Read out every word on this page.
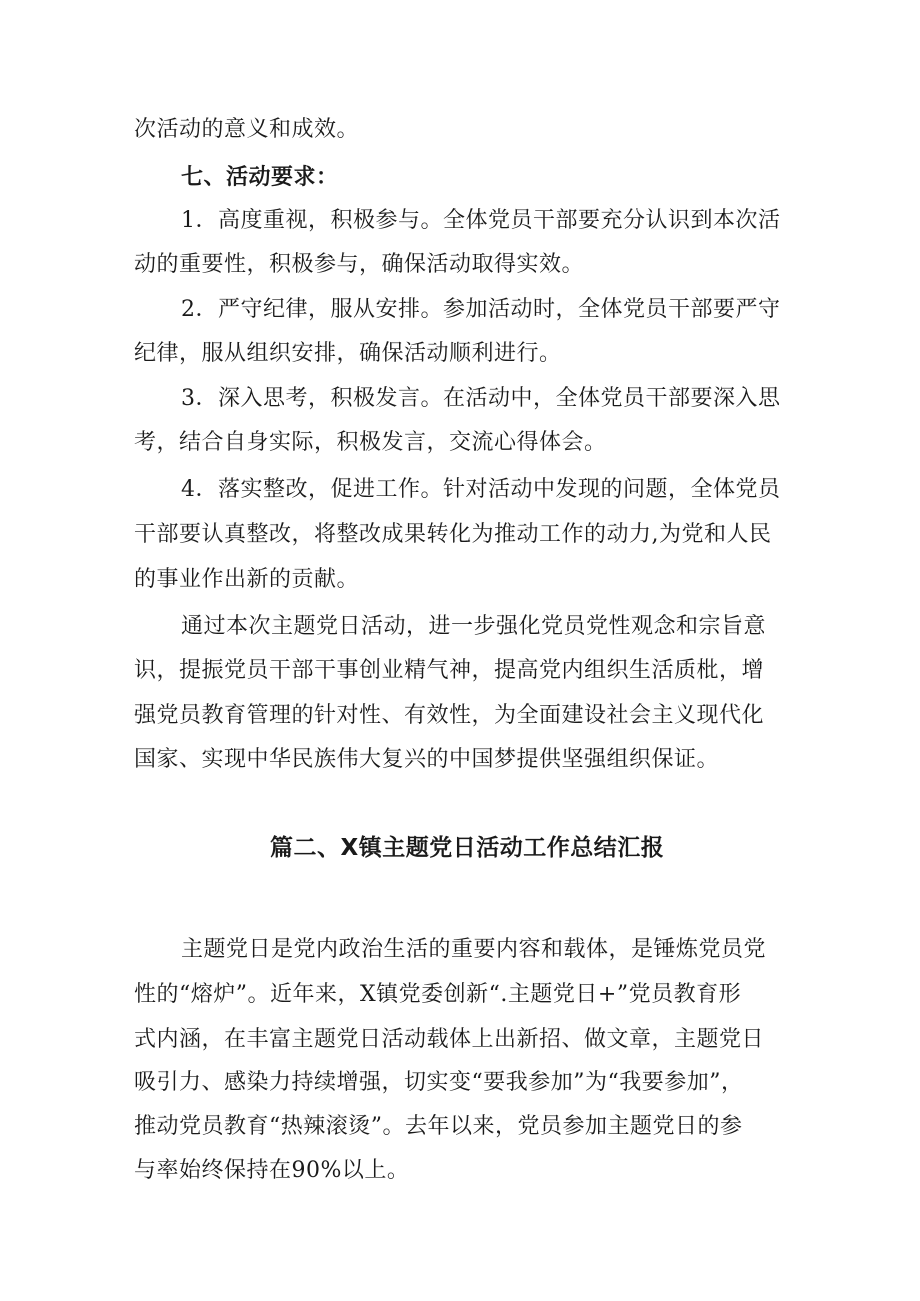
次活动的意义和成效。
七、活动要求：
1．高度重视，积极参与。全体党员干部要充分认识到本次活
动的重要性，积极参与，确保活动取得实效。
2．严守纪律，服从安排。参加活动时，全体党员干部要严守
纪律，服从组织安排，确保活动顺利进行。
3．深入思考，积极发言。在活动中，全体党员干部要深入思
考，结合自身实际，积极发言，交流心得体会。
4．落实整改，促进工作。针对活动中发现的问题，全体党员
干部要认真整改，将整改成果转化为推动工作的动力,为党和人民
的事业作出新的贡献。
通过本次主题党日活动，进一步强化党员党性观念和宗旨意
识，提振党员干部干事创业精气神，提高党内组织生活质枇，增
强党员教育管理的针对性、有效性，为全面建设社会主义现代化
国家、实现中华民族伟大复兴的中国梦提供坚强组织保证。
篇二、X镇主题党日活动工作总结汇报
主题党日是党内政治生活的重要内容和载体，是锤炼党员党
性的“熔炉”。近年来，X镇党委创新“.主题党日+”党员教育形
式内涵，在丰富主题党日活动载体上出新招、做文章，主题党日
吸引力、感染力持续增强，切实变“要我参加”为“我要参加”，
推动党员教育“热辣滚烫”。去年以来，党员参加主题党日的参
与率始终保持在90%以上。
